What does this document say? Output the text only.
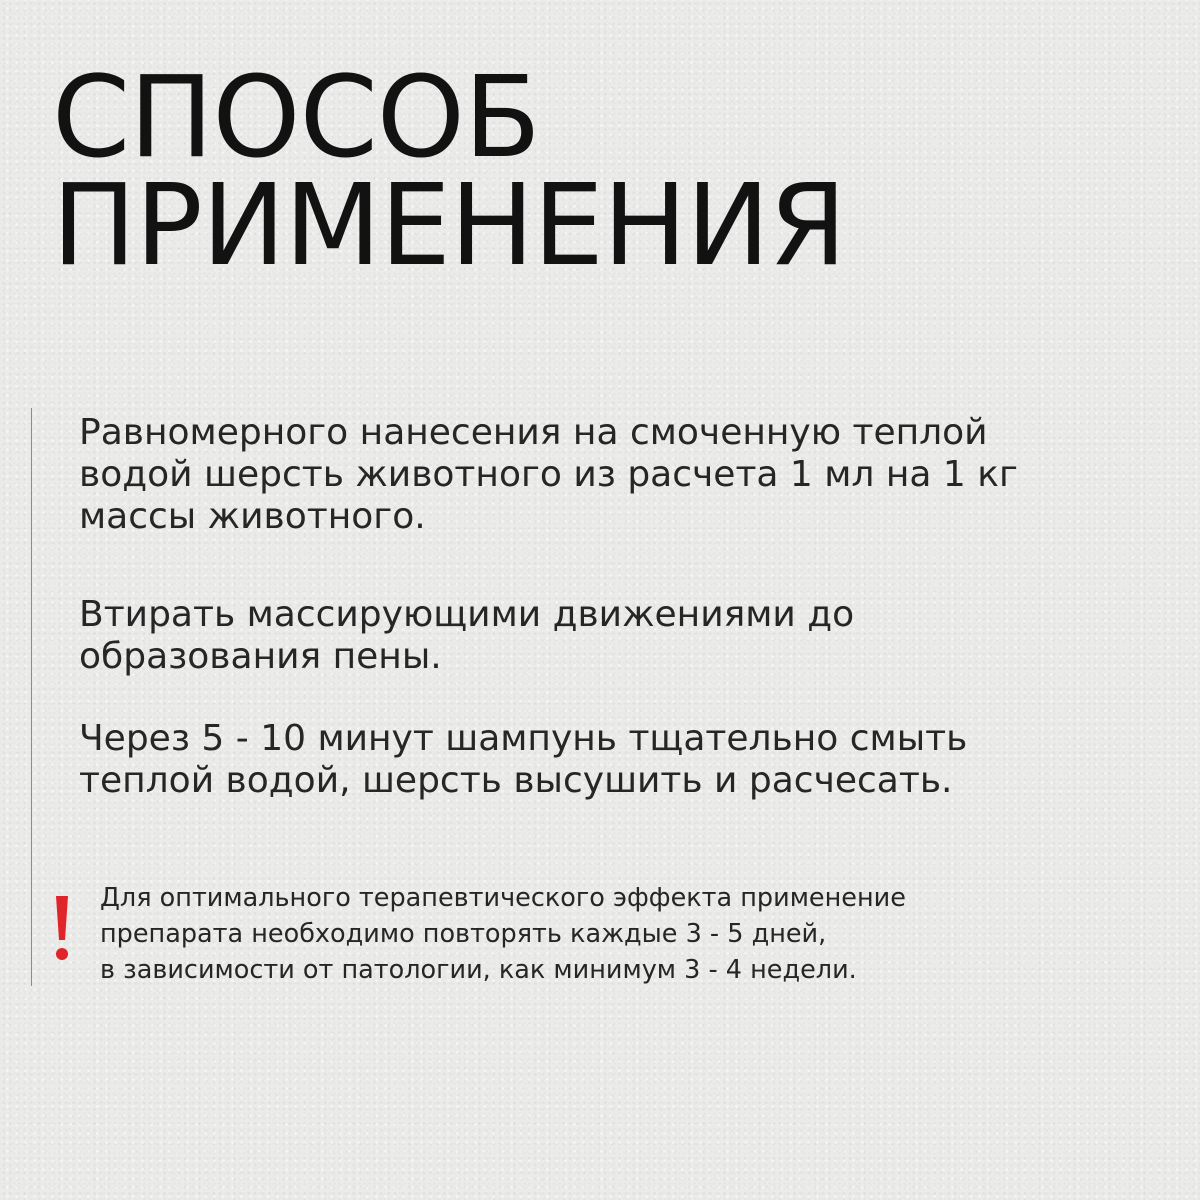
СПОСОБ
ПРИМЕНЕНИЯ

Равномерного нанесения на смоченную теплой
водой шерсть животного из расчета 1 мл на 1 кг
массы животного.

Втирать массирующими движениями до
образования пены.

Через 5 - 10 минут шампунь тщательно смыть
теплой водой, шерсть высушить и расчесать.

Для оптимального терапевтического эффекта применение
препарата необходимо повторять каждые 3 - 5 дней,
в зависимости от патологии, как минимум 3 - 4 недели.
